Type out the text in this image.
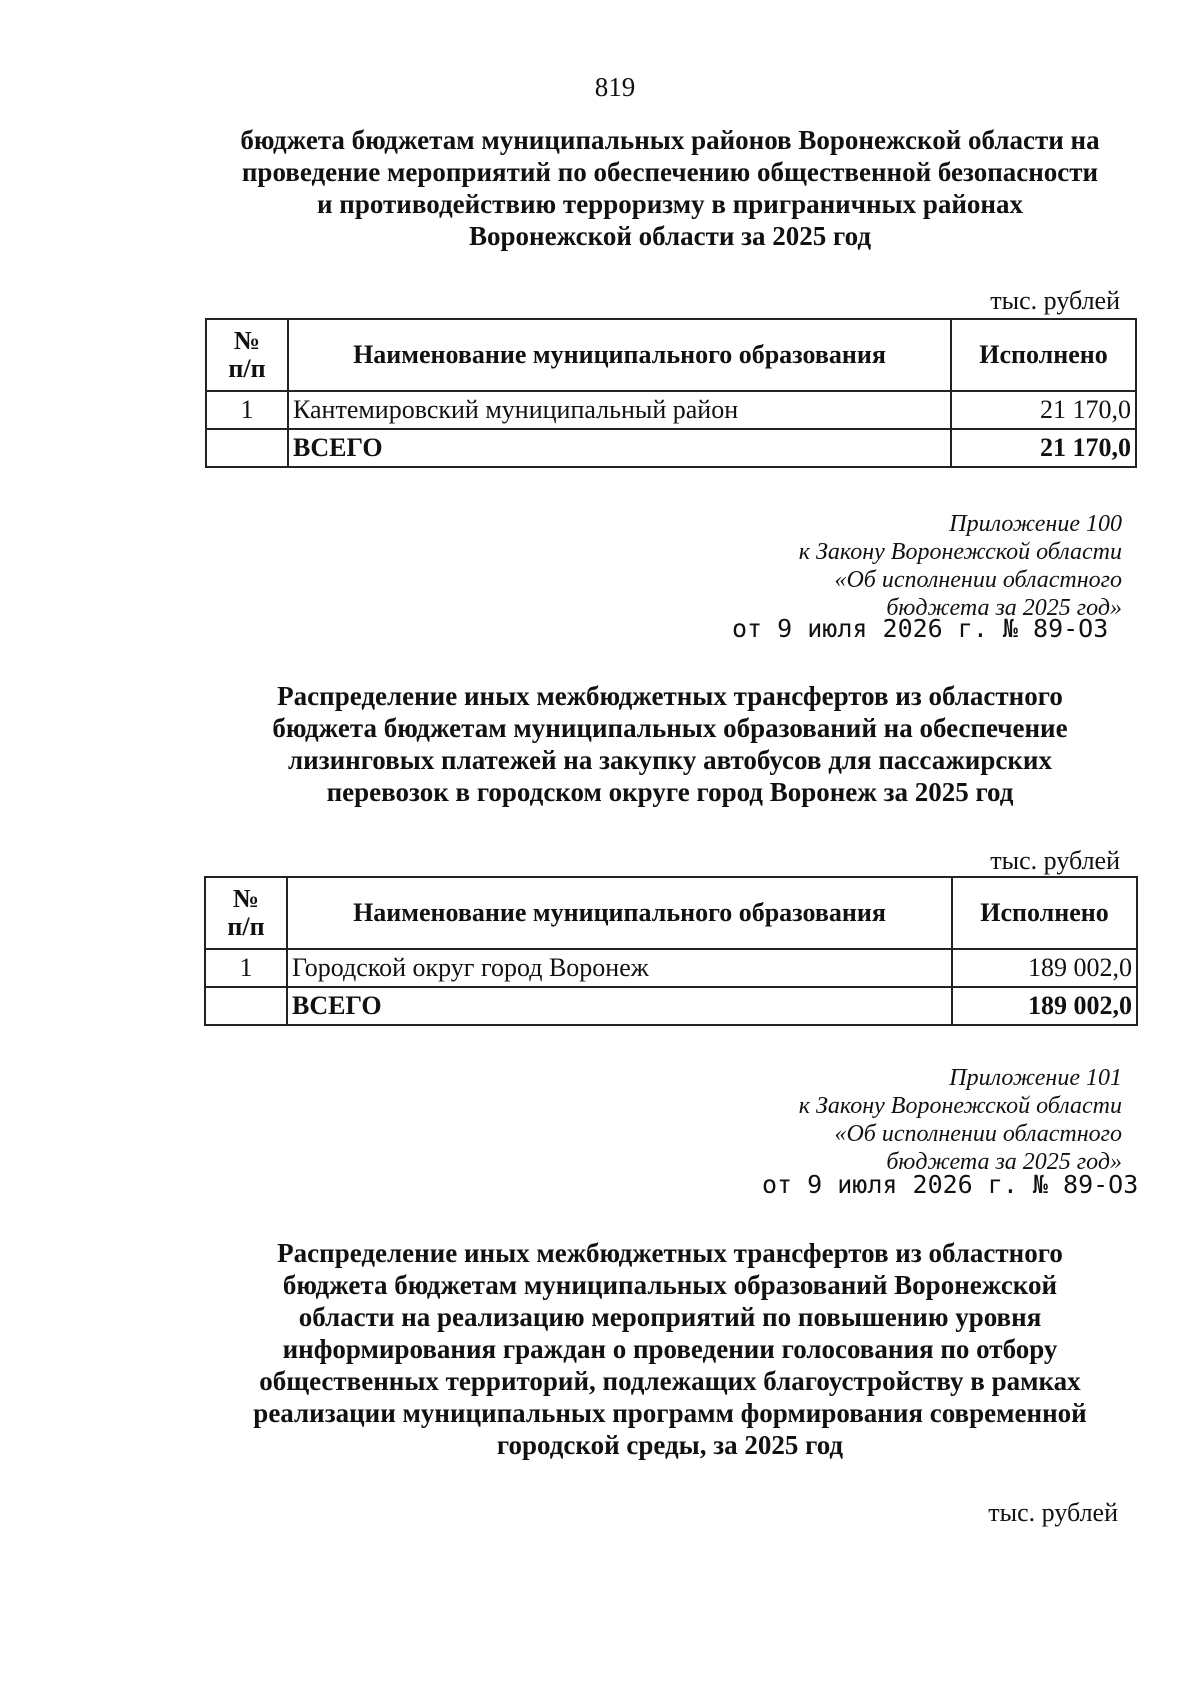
819
бюджета бюджетам муниципальных районов Воронежской области на
проведение мероприятий по обеспечению общественной безопасности
и противодействию терроризму в приграничных районах
Воронежской области за 2025 год
тыс. рублей
№
п/п	Наименование муниципального образования	Исполнено
1	Кантемировский муниципальный район	21 170,0
	ВСЕГО	21 170,0
Приложение 100
к Закону Воронежской области
«Об исполнении областного
бюджета за 2025 год»
от 9 июля 2026 г. № 89-ОЗ
Распределение иных межбюджетных трансфертов из областного
бюджета бюджетам муниципальных образований на обеспечение
лизинговых платежей на закупку автобусов для пассажирских
перевозок в городском округе город Воронеж за 2025 год
тыс. рублей
№
п/п	Наименование муниципального образования	Исполнено
1	Городской округ город Воронеж	189 002,0
	ВСЕГО	189 002,0
Приложение 101
к Закону Воронежской области
«Об исполнении областного
бюджета за 2025 год»
от 9 июля 2026 г. № 89-ОЗ
Распределение иных межбюджетных трансфертов из областного
бюджета бюджетам муниципальных образований Воронежской
области на реализацию мероприятий по повышению уровня
информирования граждан о проведении голосования по отбору
общественных территорий, подлежащих благоустройству в рамках
реализации муниципальных программ формирования современной
городской среды, за 2025 год
тыс. рублей
